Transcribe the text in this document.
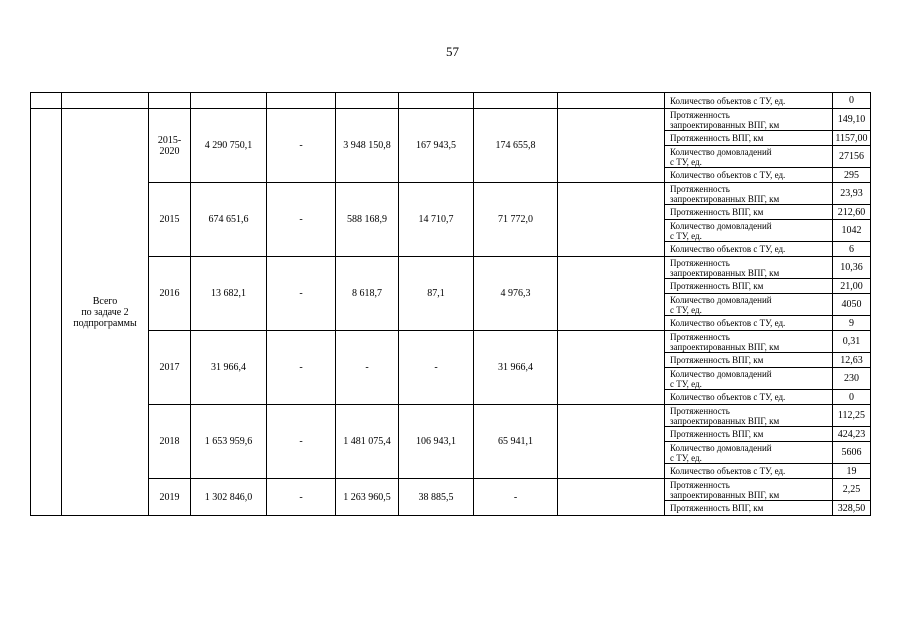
57
									Количество объектов с ТУ, ед.	0
	Всего
по задаче 2
подпрограммы	2015-
2020	4 290 750,1	-	3 948 150,8	167 943,5	174 655,8		Протяженность
запроектированных ВПГ, км	149,10
									Протяженность ВПГ, км	1157,00
									Количество домовладений
с ТУ, ед.	27156
									Количество объектов с ТУ, ед.	295
		2015	674 651,6	-	588 168,9	14 710,7	71 772,0		Протяженность
запроектированных ВПГ, км	23,93
									Протяженность ВПГ, км	212,60
									Количество домовладений
с ТУ, ед.	1042
									Количество объектов с ТУ, ед.	6
		2016	13 682,1	-	8 618,7	87,1	4 976,3		Протяженность
запроектированных ВПГ, км	10,36
									Протяженность ВПГ, км	21,00
									Количество домовладений
с ТУ, ед.	4050
									Количество объектов с ТУ, ед.	9
		2017	31 966,4	-	-	-	31 966,4		Протяженность
запроектированных ВПГ, км	0,31
									Протяженность ВПГ, км	12,63
									Количество домовладений
с ТУ, ед.	230
									Количество объектов с ТУ, ед.	0
		2018	1 653 959,6	-	1 481 075,4	106 943,1	65 941,1		Протяженность
запроектированных ВПГ, км	112,25
									Протяженность ВПГ, км	424,23
									Количество домовладений
с ТУ, ед.	5606
									Количество объектов с ТУ, ед.	19
		2019	1 302 846,0	-	1 263 960,5	38 885,5	-		Протяженность
запроектированных ВПГ, км	2,25
									Протяженность ВПГ, км	328,50
